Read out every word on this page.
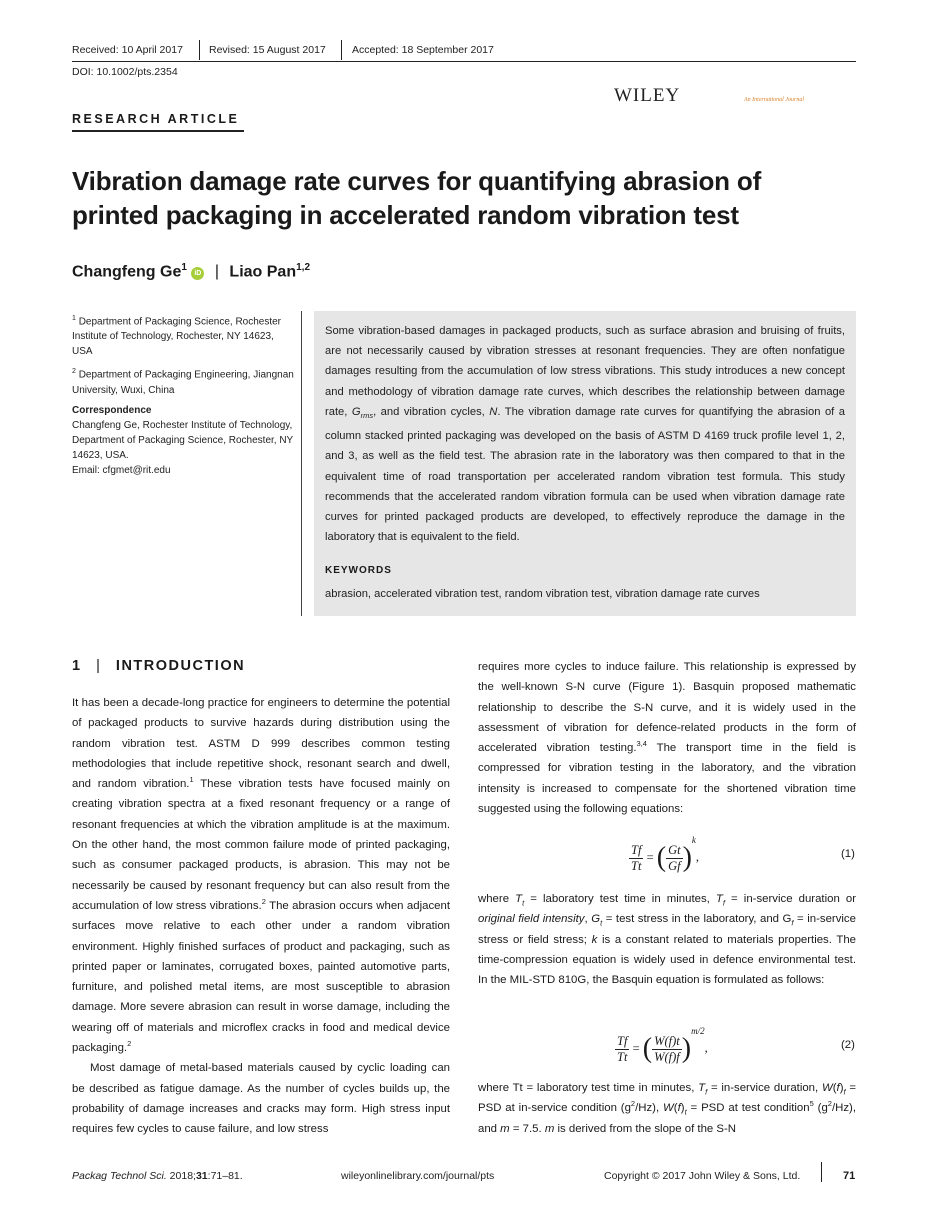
Received: 10 April 2017 Revised: 15 August 2017 Accepted: 18 September 2017
DOI: 10.1002/pts.2354
WILEY	An International Journal
RESEARCH ARTICLE
Vibration damage rate curves for quantifying abrasion of
printed packaging in accelerated random vibration test
Changfeng Ge$^1$ iD | Liao Pan$^{1,2}$
$^1$ Department of Packaging Science, Rochester Institute of Technology, Rochester, NY 14623, USA
$^2$ Department of Packaging Engineering, Jiangnan University, Wuxi, China
Correspondence
Changfeng Ge, Rochester Institute of Technology, Department of Packaging Science, Rochester, NY 14623, USA.
Email: cfgmet@rit.edu
Some vibration-based damages in packaged products, such as surface abrasion and bruising of fruits, are not necessarily caused by vibration stresses at resonant frequencies. They are often nonfatigue damages resulting from the accumulation of low stress vibrations. This study introduces a new concept and methodology of vibration damage rate curves, which describes the relationship between damage rate, $G_{rms}$, and vibration cycles, N. The vibration damage rate curves for quantifying the abrasion of a column stacked printed packaging was developed on the basis of ASTM D 4169 truck profile level 1, 2, and 3, as well as the field test. The abrasion rate in the laboratory was then compared to that in the equivalent time of road transportation per accelerated random vibration test formula. This study recommends that the accelerated random vibration formula can be used when vibration damage rate curves for printed packaged products are developed, to effectively reproduce the damage in the laboratory that is equivalent to the field.
KEYWORDS
abrasion, accelerated vibration test, random vibration test, vibration damage rate curves
1 | INTRODUCTION
It has been a decade-long practice for engineers to determine the potential of packaged products to survive hazards during distribution using the random vibration test. ASTM D 999 describes common testing methodologies that include repetitive shock, resonant search and dwell, and random vibration.$^1$ These vibration tests have focused mainly on creating vibration spectra at a fixed resonant frequency or a range of resonant frequencies at which the vibration amplitude is at the maximum. On the other hand, the most common failure mode of printed packaging, such as consumer packaged products, is abrasion. This may not be necessarily be caused by resonant frequency but can also result from the accumulation of low stress vibrations.$^2$ The abrasion occurs when adjacent surfaces move relative to each other under a random vibration environment. Highly finished surfaces of product and packaging, such as printed paper or laminates, corrugated boxes, painted automotive parts, furniture, and polished metal items, are most susceptible to abrasion damage. More severe abrasion can result in worse damage, including the wearing off of materials and microflex cracks in food and medical device packaging.$^2$
Most damage of metal-based materials caused by cyclic loading can be described as fatigue damage. As the number of cycles builds up, the probability of damage increases and cracks may form. High stress input requires few cycles to cause failure, and low stress
requires more cycles to induce failure. This relationship is expressed by the well-known S-N curve (Figure 1). Basquin proposed mathematic relationship to describe the S-N curve, and it is widely used in the assessment of vibration for defence-related products in the form of accelerated vibration testing.$^{3,4}$ The transport time in the field is compressed for vibration testing in the laboratory, and the vibration intensity is increased to compensate for the shortened vibration time suggested using the following equations:
$\frac{Tf}{Tt}$ = ( $\frac{Gt}{Gf} )^k$,	(1)
where $T_t$ = laboratory test time in minutes, $T_f$ = in-service duration or original field intensity, $G_t$ = test stress in the laboratory, and $G_f$ = in-service stress or field stress; k is a constant related to materials properties. The time-compression equation is widely used in defence environmental test. In the MIL-STD 810G, the Basquin equation is formulated as follows:
$\frac{Tf}{Tt}$ = ( $\frac{W(f)t}{W(f)f} )^{m/2}$,	(2)
where Tt = laboratory test time in minutes, $T_f$ = in-service duration, $W(f)_f$ = PSD at in-service condition $(g^2/Hz)$, $W(f)_t$ = PSD at test condition$^5$ $(g^2/Hz)$, and m = 7.5. m is derived from the slope of the S-N
Packag Technol Sci. 2018;31:71–81.	wileyonlinelibrary.com/journal/pts	Copyright © 2017 John Wiley & Sons, Ltd.	71
